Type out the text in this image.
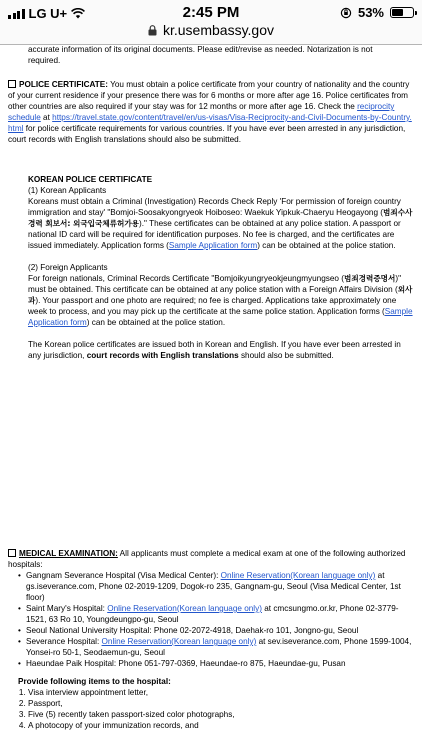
LG U+	2:45 PM	53%
kr.usembassy.gov

accurate information of its original documents. Please edit/revise as needed. Notarization is not

required.

POLICE CERTIFICATE: You must obtain a police certificate from your country of nationality and the country of your current residence if your presence there was for 6 months or more after age 16. Police certificates from other countries are also required if your stay was for 12 months or more after age 16. Check the reciprocity schedule at https://travel.state.gov/content/travel/en/us-visas/Visa-Reciprocity-and-Civil-Documents-by-Country.html for police certificate requirements for various countries. If you have ever been arrested in any jurisdiction, court records with English translations should also be submitted.

KOREAN POLICE CERTIFICATE

(1) Korean Applicants

Koreans must obtain a Criminal (Investigation) Records Check Reply 'For permission of foreign country immigration and stay' "Bomjoi-Soosakyongryeok Hoiboseo: Waekuk Yipkuk-Chaeryu Heogayong (범죄수사경력 회보서: 외국입국체류허가용)." These certificates can be obtained at any police station. A passport or national ID card will be required for identification purposes. No fee is charged, and the certificates are issued immediately. Application forms (Sample Application form) can be obtained at the police station.

(2) Foreign Applicants

For foreign nationals, Criminal Records Certificate "Bomjoikyungryeokjeungmyungseo (범죄경력증명서)" must be obtained. This certificate can be obtained at any police station with a Foreign Affairs Division (외사과). Your passport and one photo are required; no fee is charged. Applications take approximately one week to process, and you may pick up the certificate at the same police station. Application forms (Sample Application form) can be obtained at the police station.

The Korean police certificates are issued both in Korean and English. If you have ever been arrested in any jurisdiction, court records with English translations should also be submitted.

MEDICAL EXAMINATION: All applicants must complete a medical exam at one of the following authorized hospitals:

• Gangnam Severance Hospital (Visa Medical Center): Online Reservation(Korean language only) at gs.iseverance.com, Phone 02-2019-1209, Dogok-ro 235, Gangnam-gu, Seoul (Visa Medical Center, 1st floor)
• Saint Mary's Hospital: Online Reservation(Korean language only) at cmcsungmo.or.kr, Phone 02-3779-1521, 63 Ro 10, Youngdeungpo-gu, Seoul
• Seoul National University Hospital: Phone 02-2072-4918, Daehak-ro 101, Jongno-gu, Seoul
• Severance Hospital: Online Reservation(Korean language only) at sev.iseverance.com, Phone 1599-1004, Yonsei-ro 50-1, Seodaemun-gu, Seoul
• Haeundae Paik Hospital: Phone 051-797-0369, Haeundae-ro 875, Haeundae-gu, Pusan

Provide following items to the hospital:

1. Visa interview appointment letter,
2. Passport,
3. Five (5) recently taken passport-sized color photographs,
4. A photocopy of your immunization records, and
